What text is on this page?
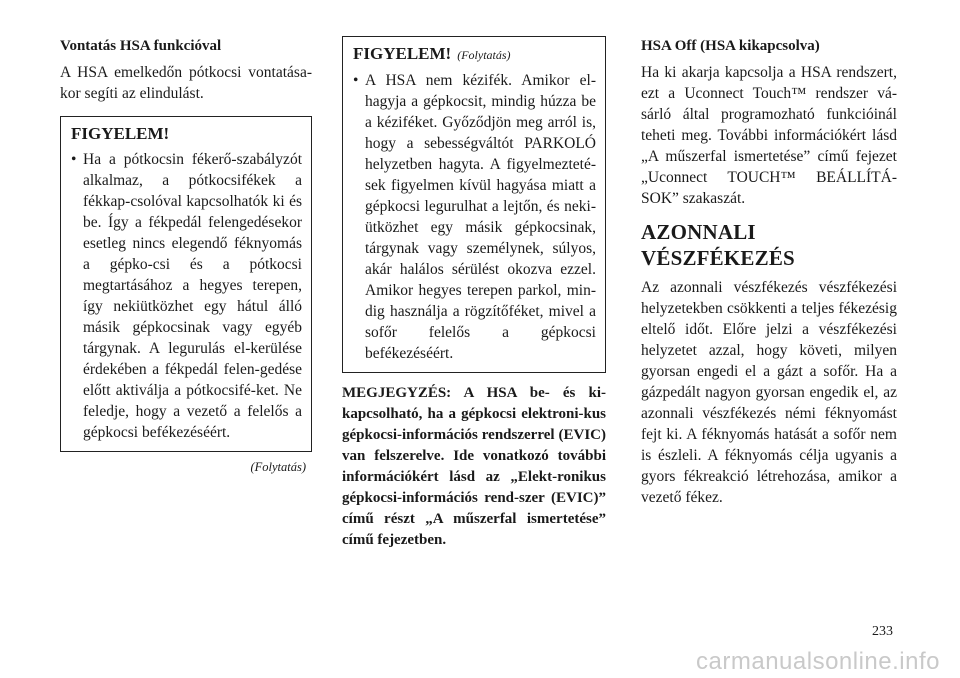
Vontatás HSA funkcióval

A HSA emelkedőn pótkocsi vontatása-kor segíti az elindulást.

FIGYELEM!
• Ha a pótkocsin fékerő-szabályzót alkalmaz, a pótkocsifékek a fékkap-csolóval kapcsolhatók ki és be. Így a fékpedál felengedésekor esetleg nincs elegendő féknyomás a gépko-csi és a pótkocsi megtartásához a hegyes terepen, így nekiütközhet egy hátul álló másik gépkocsinak vagy egyéb tárgynak. A legurulás el-kerülése érdekében a fékpedál felen-gedése előtt aktiválja a pótkocsifé-ket. Ne feledje, hogy a vezető a felelős a gépkocsi befékezéséért.
(Folytatás)
FIGYELEM! (Folytatás)
• A HSA nem kézifék. Amikor el-hagyja a gépkocsit, mindig húzza be a kéziféket. Győződjön meg arról is, hogy a sebességváltót PARKOLÓ helyzetben hagyta. A figyelmezteté-sek figyelmen kívül hagyása miatt a gépkocsi legurulhat a lejtőn, és neki-ütközhet egy másik gépkocsinak, tárgynak vagy személynek, súlyos, akár halálos sérülést okozva ezzel. Amikor hegyes terepen parkol, min-dig használja a rögzítőféket, mivel a sofőr felelős a gépkocsi befékezéséért.
MEGJEGYZÉS: A HSA be- és ki-kapcsolható, ha a gépkocsi elektroni-kus gépkocsi-információs rendszerrel (EVIC) van felszerelve. Ide vonatkozó további információkért lásd az „Elekt-ronikus gépkocsi-információs rend-szer (EVIC)” című részt „A műszerfal ismertetése” című fejezetben.
HSA Off (HSA kikapcsolva)

Ha ki akarja kapcsolja a HSA rendszert, ezt a Uconnect Touch™ rendszer vá-sárló által programozható funkcióinál teheti meg. További információkért lásd „A műszerfal ismertetése” című fejezet „Uconnect TOUCH™ BEÁLLÍTÁ-SOK” szakaszát.

AZONNALI VÉSZFÉKEZÉS

Az azonnali vészfékezés vészfékezési helyzetekben csökkenti a teljes fékezésig eltelő időt. Előre jelzi a vészfékezési helyzetet azzal, hogy követi, milyen gyorsan engedi el a gázt a sofőr. Ha a gázpedált nagyon gyorsan engedik el, az azonnali vészfékezés némi féknyomást fejt ki. A féknyomás hatását a sofőr nem is észleli. A féknyomás célja ugyanis a gyors fékreakció létrehozása, amikor a vezető fékez.

233
carmanualsonline.info
